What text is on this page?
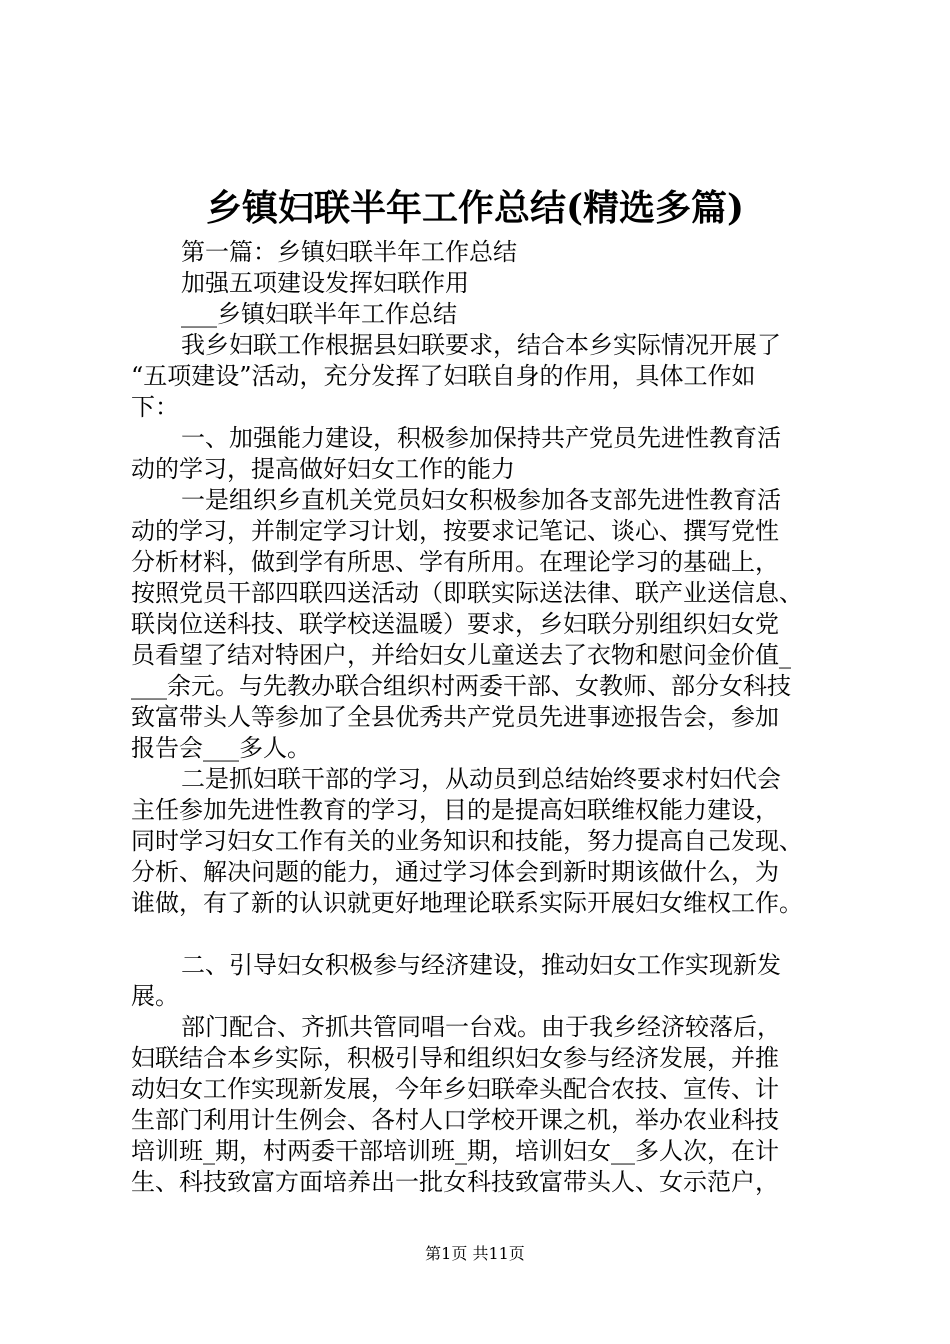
乡镇妇联半年工作总结(精选多篇)
第一篇：乡镇妇联半年工作总结
加强五项建设发挥妇联作用
___乡镇妇联半年工作总结
我乡妇联工作根据县妇联要求，结合本乡实际情况开展了
“五项建设”活动，充分发挥了妇联自身的作用，具体工作如
下：
一、加强能力建设，积极参加保持共产党员先进性教育活
动的学习，提高做好妇女工作的能力
一是组织乡直机关党员妇女积极参加各支部先进性教育活
动的学习，并制定学习计划，按要求记笔记、谈心、撰写党性
分析材料，做到学有所思、学有所用。在理论学习的基础上，
按照党员干部四联四送活动（即联实际送法律、联产业送信息、
联岗位送科技、联学校送温暖）要求，乡妇联分别组织妇女党
员看望了结对特困户，并给妇女儿童送去了衣物和慰问金价值_
___余元。与先教办联合组织村两委干部、女教师、部分女科技
致富带头人等参加了全县优秀共产党员先进事迹报告会，参加
报告会___多人。
二是抓妇联干部的学习，从动员到总结始终要求村妇代会
主任参加先进性教育的学习，目的是提高妇联维权能力建设，
同时学习妇女工作有关的业务知识和技能，努力提高自己发现、
分析、解决问题的能力，通过学习体会到新时期该做什么，为
谁做，有了新的认识就更好地理论联系实际开展妇女维权工作。
二、引导妇女积极参与经济建设，推动妇女工作实现新发
展。
部门配合、齐抓共管同唱一台戏。由于我乡经济较落后，
妇联结合本乡实际，积极引导和组织妇女参与经济发展，并推
动妇女工作实现新发展，今年乡妇联牵头配合农技、宣传、计
生部门利用计生例会、各村人口学校开课之机，举办农业科技
培训班_期，村两委干部培训班_期，培训妇女__多人次，在计
生、科技致富方面培养出一批女科技致富带头人、女示范户，
第1页 共11页
